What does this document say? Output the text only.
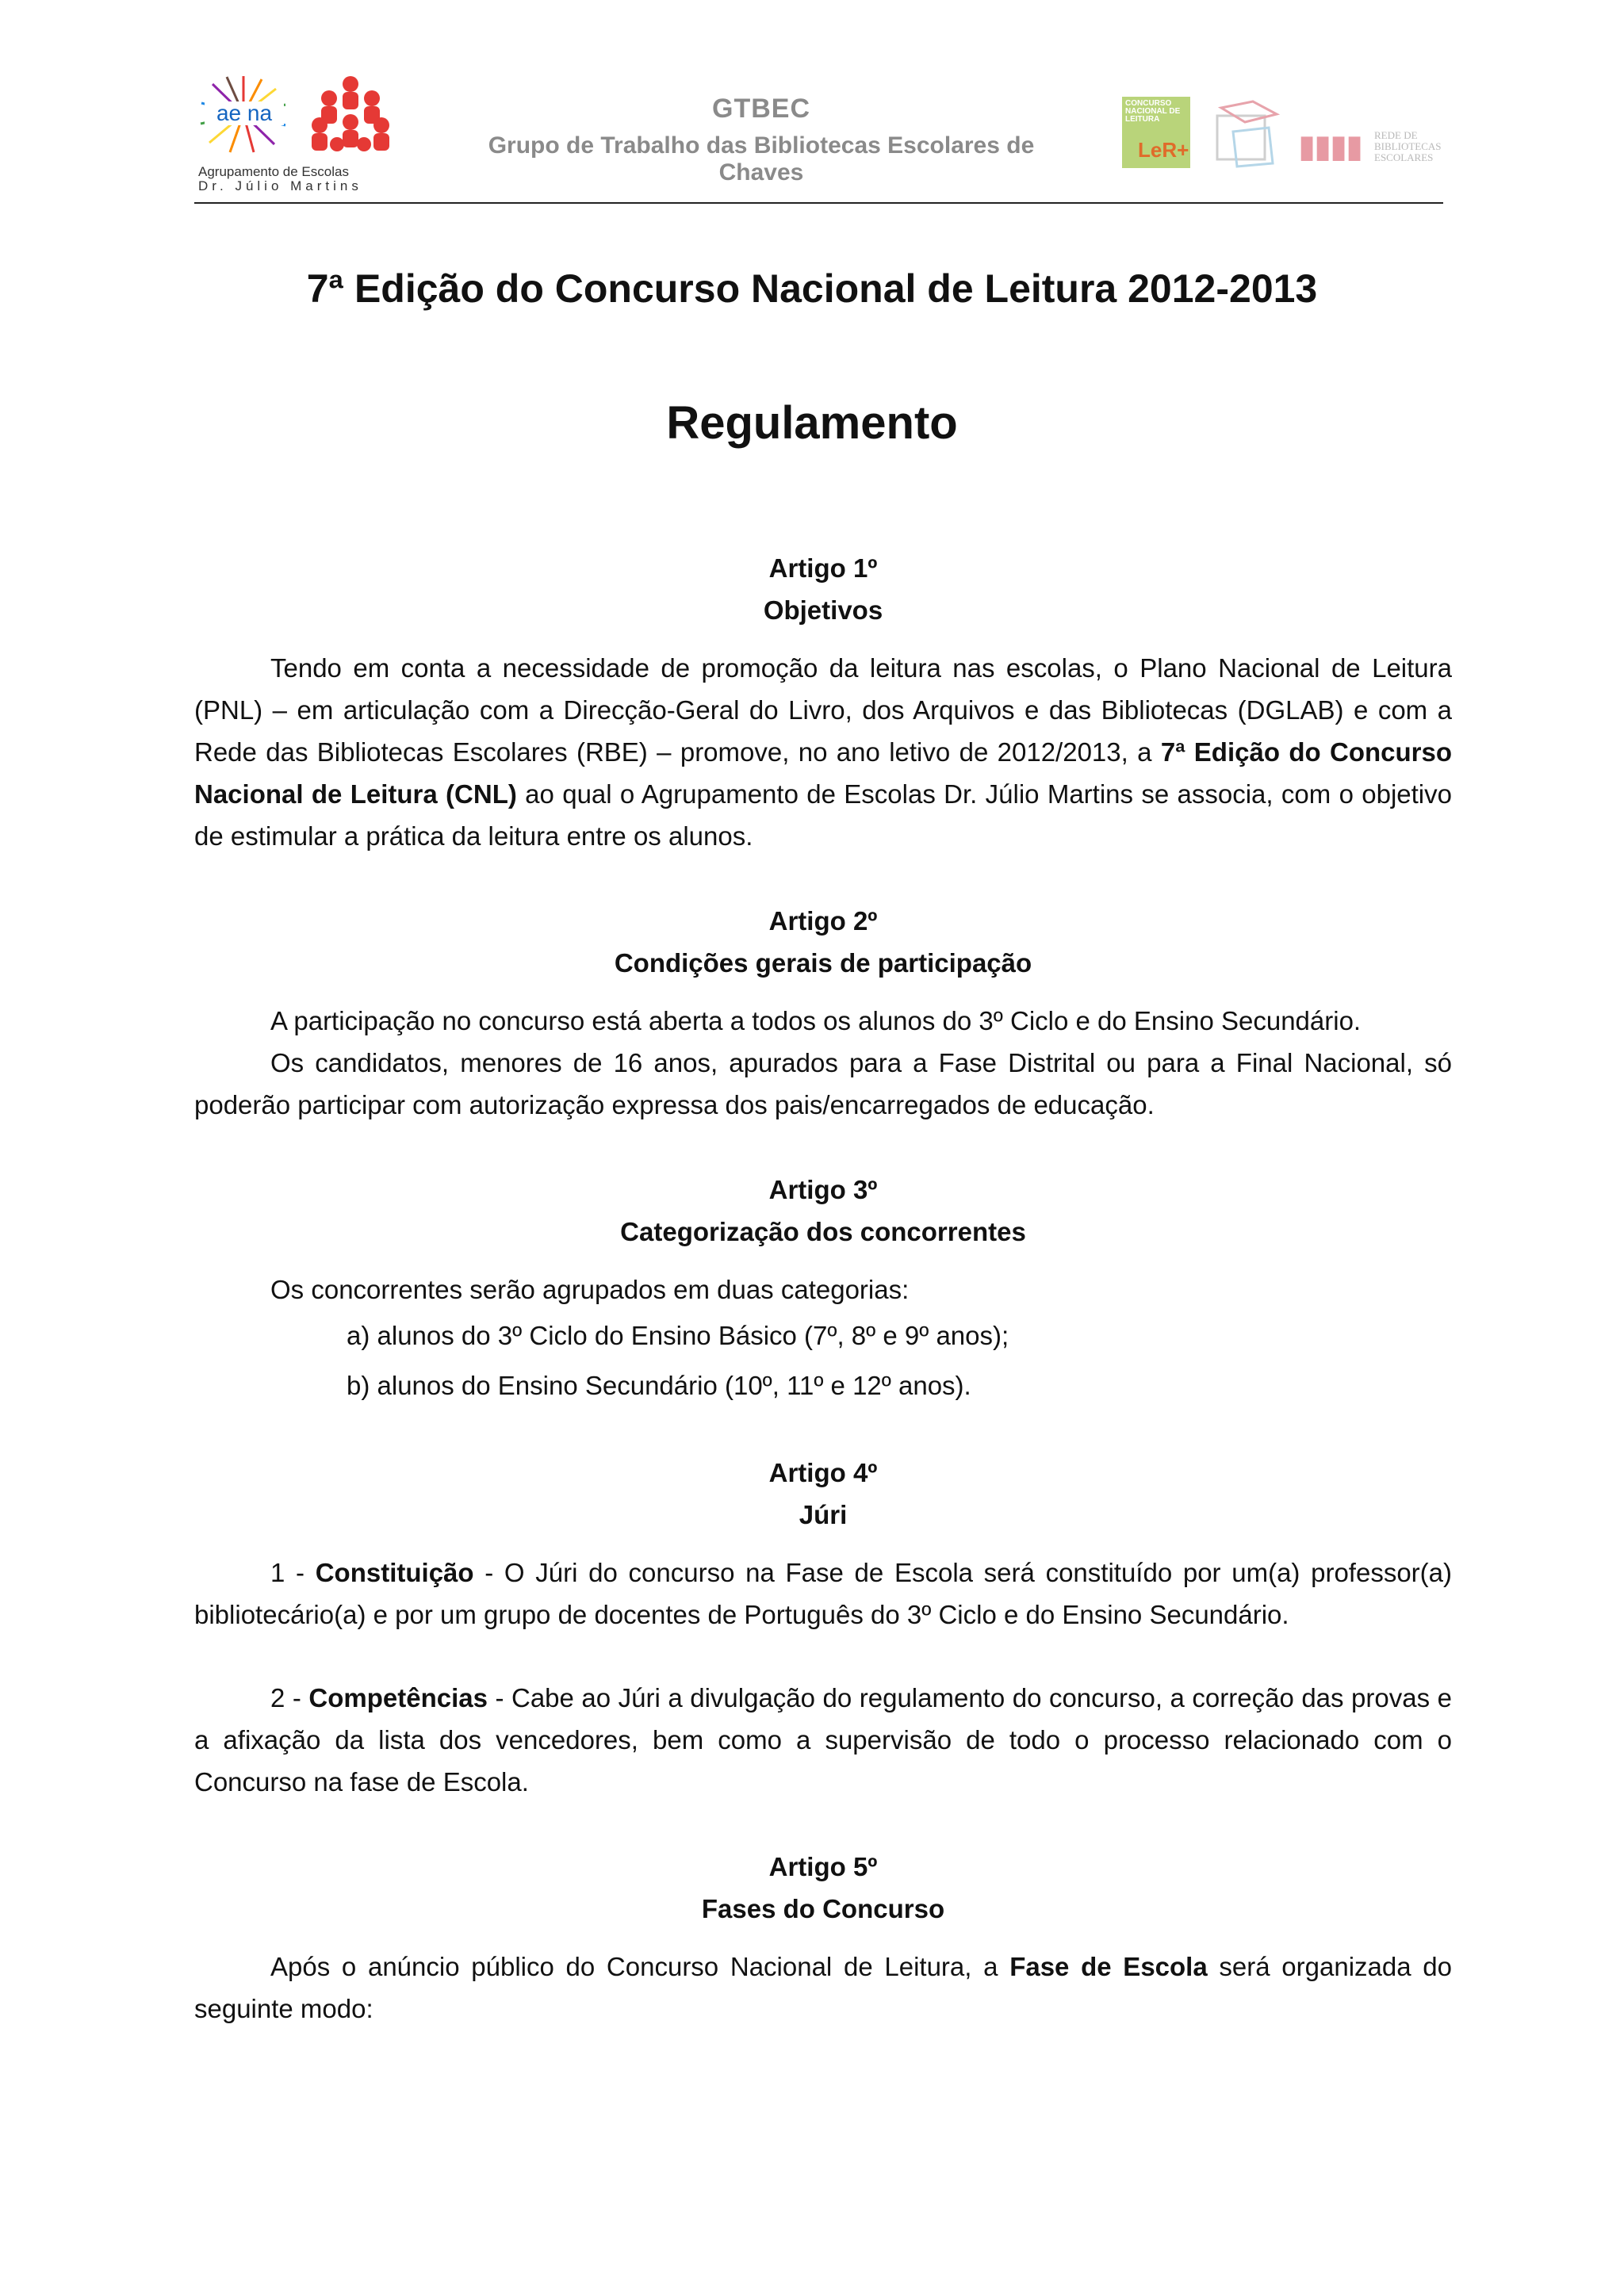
ae na
Agrupamento de Escolas
Dr. Júlio Martins
GTBEC
Grupo de Trabalho das Bibliotecas Escolares de Chaves
CONCURSO NACIONAL DE LEITURA
LeR+	▮▮▮▮ REDE DE
BIBLIOTECAS
ESCOLARES
7ª Edição do Concurso Nacional de Leitura 2012-2013
Regulamento

Artigo 1º

Objetivos

Tendo em conta a necessidade de promoção da leitura nas escolas, o Plano Nacional de Leitura (PNL) – em articulação com a Direcção-Geral do Livro, dos Arquivos e das Bibliotecas (DGLAB) e com a Rede das Bibliotecas Escolares (RBE) – promove, no ano letivo de 2012/2013, a 7ª Edição do Concurso Nacional de Leitura (CNL) ao qual o Agrupamento de Escolas Dr. Júlio Martins se associa, com o objetivo de estimular a prática da leitura entre os alunos.

Artigo 2º

Condições gerais de participação

A participação no concurso está aberta a todos os alunos do 3º Ciclo e do Ensino Secundário.

Os candidatos, menores de 16 anos, apurados para a Fase Distrital ou para a Final Nacional, só poderão participar com autorização expressa dos pais/encarregados de educação.

Artigo 3º

Categorização dos concorrentes

Os concorrentes serão agrupados em duas categorias:

a) alunos do 3º Ciclo do Ensino Básico (7º, 8º e 9º anos);

b) alunos do Ensino Secundário (10º, 11º e 12º anos).

Artigo 4º

Júri

1 - Constituição - O Júri do concurso na Fase de Escola será constituído por um(a) professor(a) bibliotecário(a) e por um grupo de docentes de Português do 3º Ciclo e do Ensino Secundário.

2 - Competências - Cabe ao Júri a divulgação do regulamento do concurso, a correção das provas e a afixação da lista dos vencedores, bem como a supervisão de todo o processo relacionado com o Concurso na fase de Escola.

Artigo 5º

Fases do Concurso

Após o anúncio público do Concurso Nacional de Leitura, a Fase de Escola será organizada do seguinte modo:
